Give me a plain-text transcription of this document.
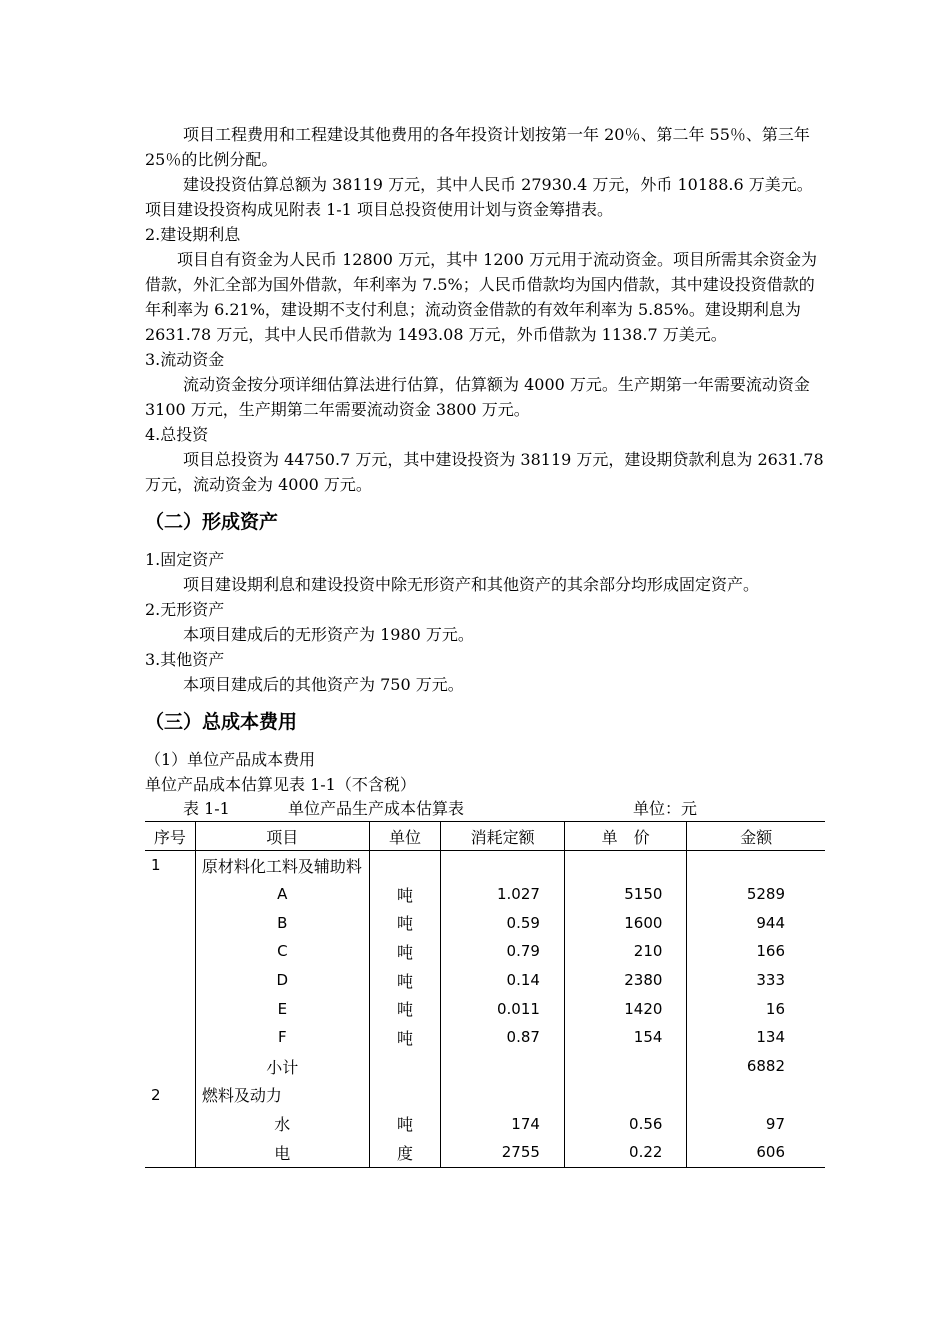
项目工程费用和工程建设其他费用的各年投资计划按第一年 20％、第二年 55％、第三年 25％的比例分配。

建设投资估算总额为 38119 万元，其中人民币 27930.4 万元，外币 10188.6 万美元。项目建设投资构成见附表 1-1 项目总投资使用计划与资金筹措表。

2.建设期利息

项目自有资金为人民币 12800 万元，其中 1200 万元用于流动资金。项目所需其余资金为借款，外汇全部为国外借款，年利率为 7.5%；人民币借款均为国内借款，其中建设投资借款的年利率为 6.21%，建设期不支付利息；流动资金借款的有效年利率为 5.85%。建设期利息为 2631.78 万元，其中人民币借款为 1493.08 万元，外币借款为 1138.7 万美元。

3.流动资金

流动资金按分项详细估算法进行估算，估算额为 4000 万元。生产期第一年需要流动资金 3100 万元，生产期第二年需要流动资金 3800 万元。

4.总投资

项目总投资为 44750.7 万元，其中建设投资为 38119 万元，建设期贷款利息为 2631.78 万元，流动资金为 4000 万元。

（二）形成资产

1.固定资产

项目建设期利息和建设投资中除无形资产和其他资产的其余部分均形成固定资产。

2.无形资产

本项目建成后的无形资产为 1980 万元。

3.其他资产

本项目建成后的其他资产为 750 万元。

（三）总成本费用

（1）单位产品成本费用

单位产品成本估算见表 1-1（不含税）

表 1-1	单位产品生产成本估算表	单位：元
序号	项目	单位	消耗定额	单　价	金额
1	原材料化工料及辅助料				
	A	吨	1.027	5150	5289
	B	吨	0.59	1600	944
	C	吨	0.79	210	166
	D	吨	0.14	2380	333
	E	吨	0.011	1420	16
	F	吨	0.87	154	134
	小计				6882
2	燃料及动力				
	水	吨	174	0.56	97
	电	度	2755	0.22	606
